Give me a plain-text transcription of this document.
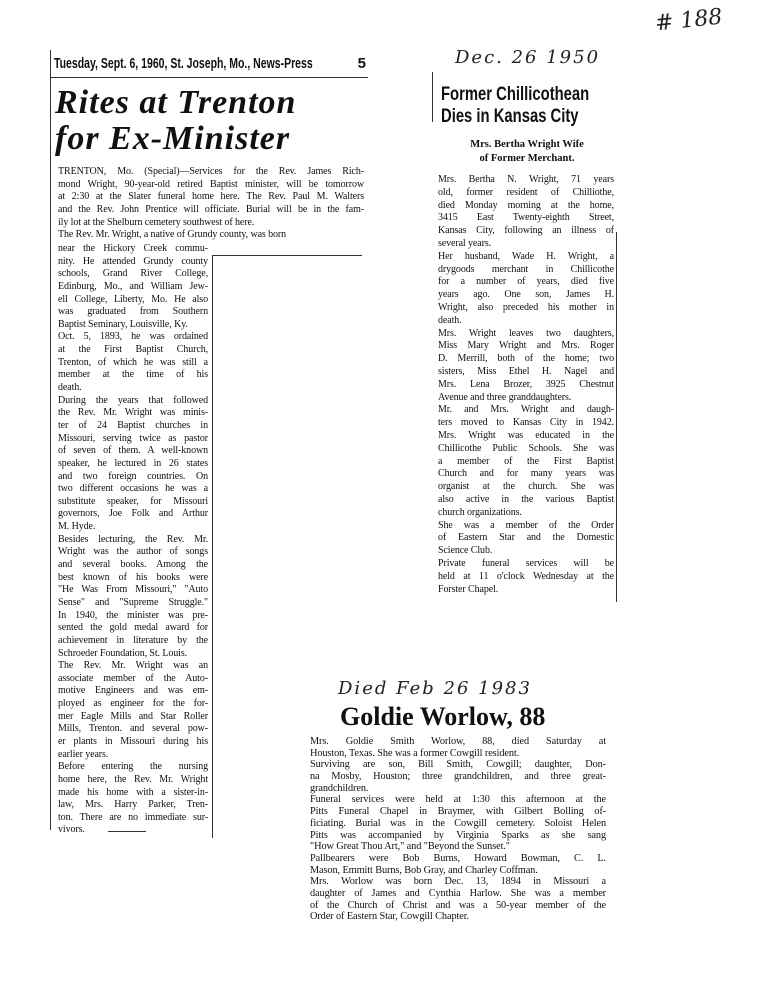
# 188
Dec. 26 1950
Died Feb 26 1983
Tuesday, Sept. 6, 1960, St. Joseph, Mo., News-Press	5
Rites at Trenton
for Ex-Minister
TRENTON, Mo. (Special)—Services for the Rev. James Rich-
mond Wright, 90-year-old retired Baptist minister, will be tomorrow
at 2:30 at the Slater funeral home here. The Rev. Paul M. Walters
and the Rev. John Prentice will officiate. Burial will be in the fam-
ily lot at the Shelburn cemetery southwest of here.
The Rev. Mr. Wright, a native of Grundy county, was born
near the Hickory Creek commu-
nity. He attended Grundy county
schools, Grand River College,
Edinburg, Mo., and William Jew-
ell College, Liberty, Mo. He also
was graduated from Southern
Baptist Seminary, Louisville, Ky.
Oct. 5, 1893, he was ordained
at the First Baptist Church,
Trenton, of which he was still a
member at the time of his
death.
During the years that followed
the Rev. Mr. Wright was minis-
ter of 24 Baptist churches in
Missouri, serving twice as pastor
of seven of them. A well-known
speaker, he lectured in 26 states
and two foreign countries. On
two different occasions he was a
substitute speaker, for Missouri
governors, Joe Folk and Arthur
M. Hyde.
Besides lecturing, the Rev. Mr.
Wright was the author of songs
and several books. Among the
best known of his books were
"He Was From Missouri," "Auto
Sense" and "Supreme Struggle."
In 1940, the minister was pre-
sented the gold medal award for
achievement in literature by the
Schroeder Foundation, St. Louis.
The Rev. Mr. Wright was an
associate member of the Auto-
motive Engineers and was em-
ployed as engineer for the for-
mer Eagle Mills and Star Roller
Mills, Trenton. and several pow-
er plants in Missouri during his
earlier years.
Before entering the nursing
home here, the Rev. Mr. Wright
made his home with a sister-in-
law, Mrs. Harry Parker, Tren-
ton. There are no immediate sur-
vivors.
Former Chillicothean
Dies in Kansas City
Mrs. Bertha Wright Wife
of Former Merchant.
Mrs. Bertha N. Wright, 71 years
old, former resident of Chilliothe,
died Monday morning at the home,
3415 East Twenty-eighth Street,
Kansas City, following an illness of
several years.
Her husband, Wade H. Wright, a
drygoods merchant in Chillicothe
for a number of years, died five
years ago. One son, James H.
Wright, also preceded his mother in
death.
Mrs. Wright leaves two daughters,
Miss Mary Wright and Mrs. Roger
D. Merrill, both of the home; two
sisters, Miss Ethel H. Nagel and
Mrs. Lena Brozer, 3925 Chestnut
Avenue and three granddaughters.
Mr. and Mrs. Wright and daugh-
ters moved to Kansas City in 1942.
Mrs. Wright was educated in the
Chillicothe Public Schools. She was
a member of the First Baptist
Church and for many years was
organist at the church. She was
also active in the various Baptist
church organizations.
She was a member of the Order
of Eastern Star and the Domestic
Science Club.
Private funeral services will be
held at 11 o'clock Wednesday at the
Forster Chapel.
Goldie Worlow, 88
Mrs. Goldie Smith Worlow, 88, died Saturday at
Houston, Texas. She was a former Cowgill resident.
Surviving are son, Bill Smith, Cowgill; daughter, Don-
na Mosby, Houston; three grandchildren, and three great-
grandchildren.
Funeral services were held at 1:30 this afternoon at the
Pitts Funeral Chapel in Braymer, with Gilbert Bolling of-
ficiating. Burial was in the Cowgill cemetery. Soloist Helen
Pitts was accompanied by Virginia Sparks as she sang
"How Great Thou Art," and "Beyond the Sunset."
Pallbearers were Bob Burns, Howard Bowman, C. L.
Mason, Emmitt Burns, Bob Gray, and Charley Coffman.
Mrs. Worlow was born Dec. 13, 1894 in Missouri a
daughter of James and Cynthia Harlow. She was a member
of the Church of Christ and was a 50-year member of the
Order of Eastern Star, Cowgill Chapter.
